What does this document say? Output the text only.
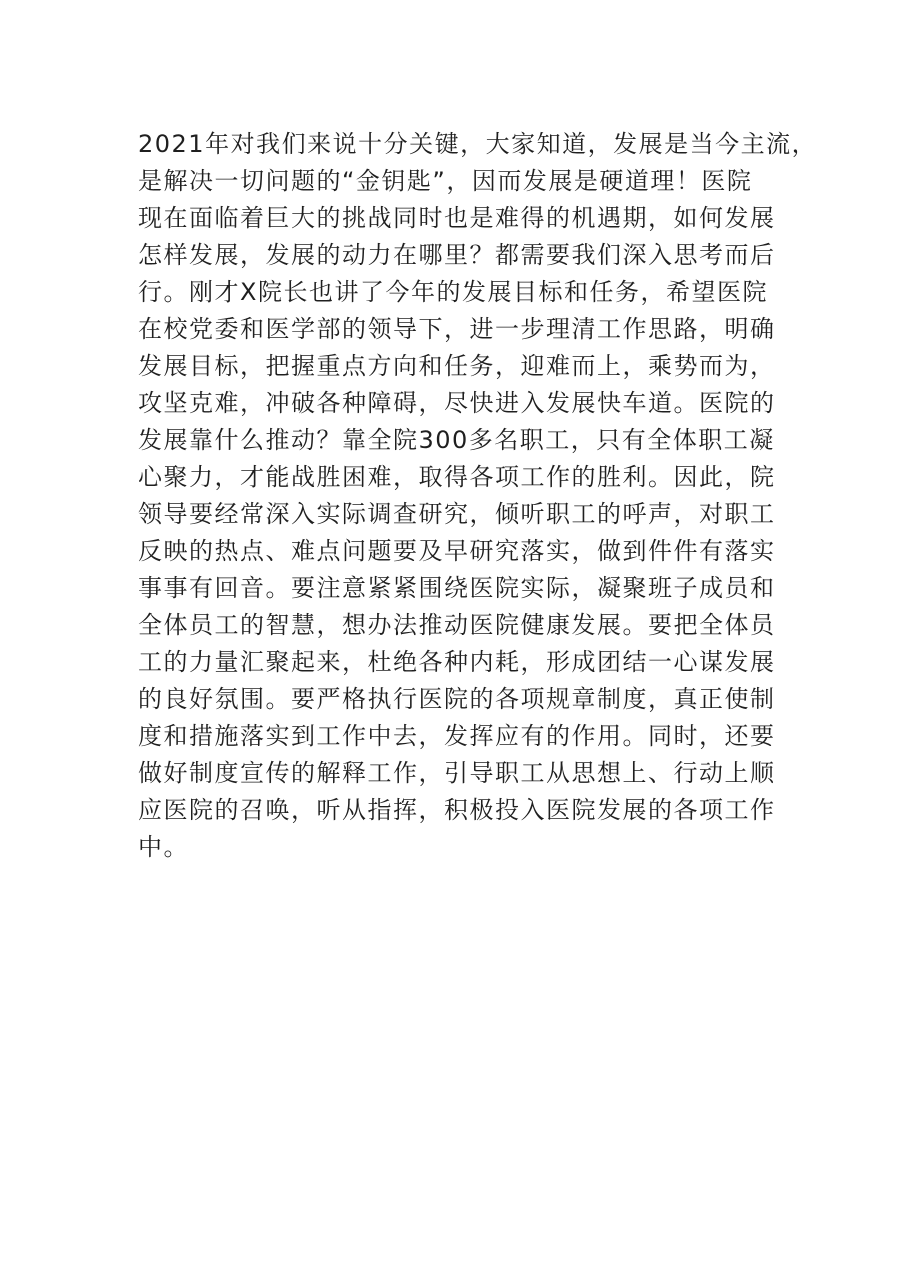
2021年对我们来说十分关键，大家知道，发展是当今主流，
是解决一切问题的“金钥匙”，因而发展是硬道理！医院
现在面临着巨大的挑战同时也是难得的机遇期，如何发展
怎样发展，发展的动力在哪里？都需要我们深入思考而后
行。刚才X院长也讲了今年的发展目标和任务，希望医院
在校党委和医学部的领导下，进一步理清工作思路，明确
发展目标，把握重点方向和任务，迎难而上，乘势而为，
攻坚克难，冲破各种障碍，尽快进入发展快车道。医院的
发展靠什么推动？靠全院300多名职工，只有全体职工凝
心聚力，才能战胜困难，取得各项工作的胜利。因此，院
领导要经常深入实际调查研究，倾听职工的呼声，对职工
反映的热点、难点问题要及早研究落实，做到件件有落实
事事有回音。要注意紧紧围绕医院实际，凝聚班子成员和
全体员工的智慧，想办法推动医院健康发展。要把全体员
工的力量汇聚起来，杜绝各种内耗，形成团结一心谋发展
的良好氛围。要严格执行医院的各项规章制度，真正使制
度和措施落实到工作中去，发挥应有的作用。同时，还要
做好制度宣传的解释工作，引导职工从思想上、行动上顺
应医院的召唤，听从指挥，积极投入医院发展的各项工作
中。
